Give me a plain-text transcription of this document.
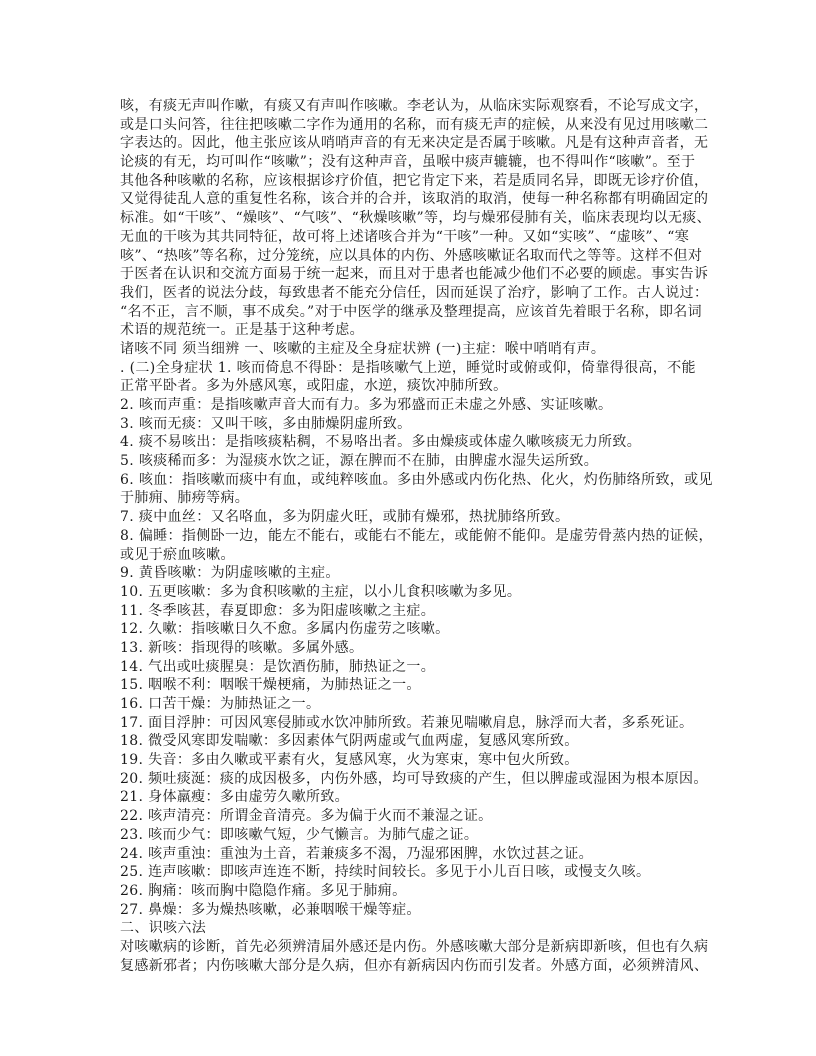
咳，有痰无声叫作嗽，有痰又有声叫作咳嗽。李老认为，从临床实际观察看，不论写成文字，
或是口头问答，往往把咳嗽二字作为通用的名称，而有痰无声的症候，从来没有见过用咳嗽二
字表达的。因此，他主张应该从哨哨声音的有无来决定是否属于咳嗽。凡是有这种声音者，无
论痰的有无，均可叫作“咳嗽”；没有这种声音，虽喉中痰声辘辘，也不得叫作“咳嗽”。至于
其他各种咳嗽的名称，应该根据诊疗价值，把它肯定下来，若是质同名异，即既无诊疗价值，
又觉得徒乱人意的重复性名称，该合并的合并，该取消的取消，使每一种名称都有明确固定的
标准。如“干咳”、“燥咳”、“气咳”、“秋燥咳嗽”等，均与燥邪侵肺有关，临床表现均以无痰、
无血的干咳为其共同特征，故可将上述诸咳合并为“干咳”一种。又如“实咳”、“虚咳”、“寒
咳”、“热咳”等名称，过分笼统，应以具体的内伤、外感咳嗽证名取而代之等等。这样不但对
于医者在认识和交流方面易于统一起来，而且对于患者也能减少他们不必要的顾虑。事实告诉
我们，医者的说法分歧，每致患者不能充分信任，因而延误了治疗，影响了工作。古人说过：
“名不正，言不顺，事不成矣。”对于中医学的继承及整理提高，应该首先着眼于名称，即名词
术语的规范统一。正是基于这种考虑。
诸咳不同 须当细辨 一、咳嗽的主症及全身症状辨 (一)主症：喉中哨哨有声。
. (二)全身症状 1. 咳而倚息不得卧：是指咳嗽气上逆，睡觉时或俯或仰，倚靠得很高，不能
正常平卧者。多为外感风寒，或阳虚，水逆，痰饮冲肺所致。
2. 咳而声重：是指咳嗽声音大而有力。多为邪盛而正未虚之外感、实证咳嗽。
3. 咳而无痰：又叫干咳，多由肺燥阴虚所致。
4. 痰不易咳出：是指咳痰粘稠，不易咯出者。多由燥痰或体虚久嗽咳痰无力所致。
5. 咳痰稀而多：为湿痰水饮之证，源在脾而不在肺，由脾虚水湿失运所致。
6. 咳血：指咳嗽而痰中有血，或纯粹咳血。多由外感或内伤化热、化火，灼伤肺络所致，或见
于肺痈、肺痨等病。
7. 痰中血丝：又名咯血，多为阴虚火旺，或肺有燥邪，热扰肺络所致。
8. 偏睡：指侧卧一边，能左不能右，或能右不能左，或能俯不能仰。是虚劳骨蒸内热的证候，
或见于瘀血咳嗽。
9. 黄昏咳嗽：为阴虚咳嗽的主症。
10. 五更咳嗽：多为食积咳嗽的主症，以小儿食积咳嗽为多见。
11. 冬季咳甚，春夏即愈：多为阳虚咳嗽之主症。
12. 久嗽：指咳嗽日久不愈。多属内伤虚劳之咳嗽。
13. 新咳：指现得的咳嗽。多属外感。
14. 气出或吐痰腥臭：是饮酒伤肺，肺热证之一。
15. 咽喉不利：咽喉干燥梗痛，为肺热证之一。
16. 口苦干燥：为肺热证之一。
17. 面目浮肿：可因风寒侵肺或水饮冲肺所致。若兼见喘嗽肩息，脉浮而大者，多系死证。
18. 微受风寒即发喘嗽：多因素体气阴两虚或气血两虚，复感风寒所致。
19. 失音：多由久嗽或平素有火，复感风寒，火为寒束，寒中包火所致。
20. 频吐痰涎：痰的成因极多，内伤外感，均可导致痰的产生，但以脾虚或湿困为根本原因。
21. 身体羸瘦：多由虚劳久嗽所致。
22. 咳声清亮：所谓金音清亮。多为偏于火而不兼湿之证。
23. 咳而少气：即咳嗽气短，少气懒言。为肺气虚之证。
24. 咳声重浊：重浊为土音，若兼痰多不渴，乃湿邪困脾，水饮过甚之证。
25. 连声咳嗽：即咳声连连不断，持续时间较长。多见于小儿百日咳，或慢支久咳。
26. 胸痛：咳而胸中隐隐作痛。多见于肺痈。
27. 鼻燥：多为燥热咳嗽，必兼咽喉干燥等症。
二、识咳六法
对咳嗽病的诊断，首先必须辨清届外感还是内伤。外感咳嗽大部分是新病即新咳，但也有久病
复感新邪者；内伤咳嗽大部分是久病，但亦有新病因内伤而引发者。外感方面，必须辨清风、
